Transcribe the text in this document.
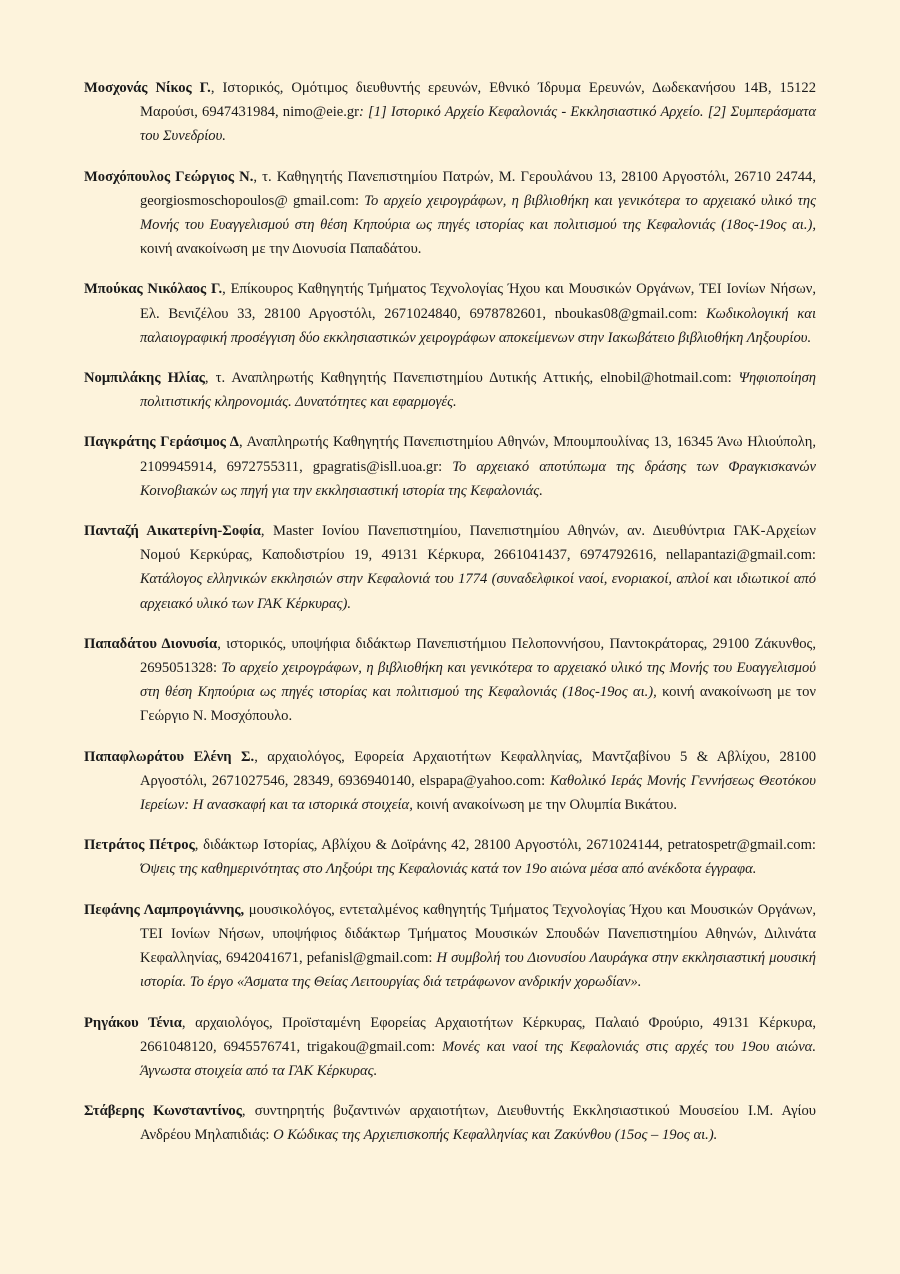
Μοσχονάς Νίκος Γ., Ιστορικός, Ομότιμος διευθυντής ερευνών, Εθνικό Ίδρυμα Ερευνών, Δωδεκανήσου 14Β, 15122 Μαρούσι, 6947431984, nimo@eie.gr: [1] Ιστορικό Αρχείο Κεφαλονιάς - Εκκλησιαστικό Αρχείο. [2] Συμπεράσματα του Συνεδρίου.

Μοσχόπουλος Γεώργιος Ν., τ. Καθηγητής Πανεπιστημίου Πατρών, Μ. Γερουλάνου 13, 28100 Αργοστόλι, 26710 24744, georgiosmoschopoulos@ gmail.com: Το αρχείο χειρογράφων, η βιβλιοθήκη και γενικότερα το αρχειακό υλικό της Μονής του Ευαγγελισμού στη θέση Κηπούρια ως πηγές ιστορίας και πολιτισμού της Κεφαλονιάς (18ος-19ος αι.), κοινή ανακοίνωση με την Διονυσία Παπαδάτου.

Μπούκας Νικόλαος Γ., Επίκουρος Καθηγητής Τμήματος Τεχνολογίας Ήχου και Μουσικών Οργάνων, ΤΕΙ Ιονίων Νήσων, Ελ. Βενιζέλου 33, 28100 Αργοστόλι, 2671024840, 6978782601, nboukas08@gmail.com: Κωδικολογική και παλαιογραφική προσέγγιση δύο εκκλησιαστικών χειρογράφων αποκείμενων στην Ιακωβάτειο βιβλιοθήκη Ληξουρίου.

Νομπιλάκης Ηλίας, τ. Αναπληρωτής Καθηγητής Πανεπιστημίου Δυτικής Αττικής, elnobil@hotmail.com: Ψηφιοποίηση πολιτιστικής κληρονομιάς. Δυνατότητες και εφαρμογές.

Παγκράτης Γεράσιμος Δ, Αναπληρωτής Καθηγητής Πανεπιστημίου Αθηνών, Μπουμπουλίνας 13, 16345 Άνω Ηλιούπολη, 2109945914, 6972755311, gpagratis@isll.uoa.gr: Το αρχειακό αποτύπωμα της δράσης των Φραγκισκανών Κοινοβιακών ως πηγή για την εκκλησιαστική ιστορία της Κεφαλονιάς.

Πανταζή Αικατερίνη-Σοφία, Master Ιονίου Πανεπιστημίου, Πανεπιστημίου Αθηνών, αν. Διευθύντρια ΓΑΚ-Αρχείων Νομού Κερκύρας, Καποδιστρίου 19, 49131 Κέρκυρα, 2661041437, 6974792616, nellapantazi@gmail.com: Κατάλογος ελληνικών εκκλησιών στην Κεφαλονιά του 1774 (συναδελφικοί ναοί, ενοριακοί, απλοί και ιδιωτικοί από αρχειακό υλικό των ΓΑΚ Κέρκυρας).

Παπαδάτου Διονυσία, ιστορικός, υποψήφια διδάκτωρ Πανεπιστήμιου Πελοποννήσου, Παντοκράτορας, 29100 Ζάκυνθος, 2695051328: Το αρχείο χειρογράφων, η βιβλιοθήκη και γενικότερα το αρχειακό υλικό της Μονής του Ευαγγελισμού στη θέση Κηπούρια ως πηγές ιστορίας και πολιτισμού της Κεφαλονιάς (18ος-19ος αι.), κοινή ανακοίνωση με τον Γεώργιο Ν. Μοσχόπουλο.

Παπαφλωράτου Ελένη Σ., αρχαιολόγος, Εφορεία Αρχαιοτήτων Κεφαλληνίας, Μαντζαβίνου 5 & Αβλίχου, 28100 Αργοστόλι, 2671027546, 28349, 6936940140, elspapa@yahoo.com: Καθολικό Ιεράς Μονής Γεννήσεως Θεοτόκου Ιερείων: Η ανασκαφή και τα ιστορικά στοιχεία, κοινή ανακοίνωση με την Ολυμπία Βικάτου.

Πετράτος Πέτρος, διδάκτωρ Ιστορίας, Αβλίχου & Δοϊράνης 42, 28100 Αργοστόλι, 2671024144, petratospetr@gmail.com: Όψεις της καθημερινότητας στο Ληξούρι της Κεφαλονιάς κατά τον 19ο αιώνα μέσα από ανέκδοτα έγγραφα.

Πεφάνης Λαμπρογιάννης, μουσικολόγος, εντεταλμένος καθηγητής Τμήματος Τεχνολογίας Ήχου και Μουσικών Οργάνων, ΤΕΙ Ιονίων Νήσων, υποψήφιος διδάκτωρ Τμήματος Μουσικών Σπουδών Πανεπιστημίου Αθηνών, Διλινάτα Κεφαλληνίας, 6942041671, pefanisl@gmail.com: Η συμβολή του Διονυσίου Λαυράγκα στην εκκλησιαστική μουσική ιστορία. Το έργο «Άσματα της Θείας Λειτουργίας διά τετράφωνον ανδρικήν χορωδίαν».

Ρηγάκου Τένια, αρχαιολόγος, Προϊσταμένη Εφορείας Αρχαιοτήτων Κέρκυρας, Παλαιό Φρούριο, 49131 Κέρκυρα, 2661048120, 6945576741, trigakou@gmail.com: Μονές και ναοί της Κεφαλονιάς στις αρχές του 19ου αιώνα. Άγνωστα στοιχεία από τα ΓΑΚ Κέρκυρας.

Στάβερης Κωνσταντίνος, συντηρητής βυζαντινών αρχαιοτήτων, Διευθυντής Εκκλησιαστικού Μουσείου Ι.Μ. Αγίου Ανδρέου Μηλαπιδιάς: Ο Κώδικας της Αρχιεπισκοπής Κεφαλληνίας και Ζακύνθου (15ος – 19ος αι.).
